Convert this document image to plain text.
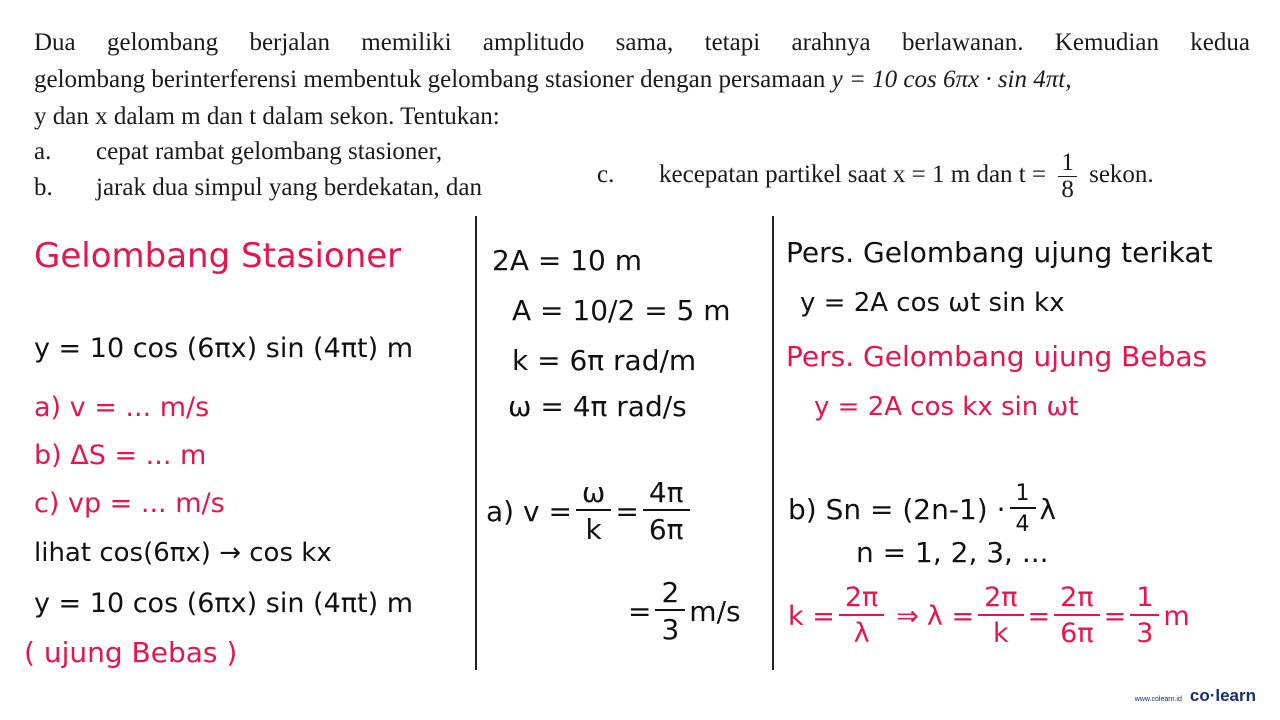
Dua gelombang berjalan memiliki amplitudo sama, tetapi arahnya berlawanan. Kemudian kedua
gelombang berinterferensi membentuk gelombang stasioner dengan persamaan y = 10 cos 6πx · sin 4πt,
y dan x dalam m dan t dalam sekon. Tentukan:
a. cepat rambat gelombang stasioner,
b. jarak dua simpul yang berdekatan, dan	c. kecepatan partikel saat x = 1 m dan $t = \frac{1}{8}$ sekon.
Gelombang Stasioner
y = 10 cos (6πx) sin (4πt) m
a) v = ... m/s
b) ΔS = ... m
c) vp = ... m/s
lihat cos(6πx) → cos kx
y = 10 cos (6πx) sin (4πt) m
( ujung Bebas )
2A = 10 m
A = 10/2 = 5 m
k = 6π rad/m
ω = 4π rad/s
a) $v = \frac{\omega}{k} = \frac{4\pi}{6\pi}$
= $\frac{2}{3} m/s$
Pers. Gelombang ujung terikat
y = 2A cos ωt sin kx
Pers. Gelombang ujung Bebas
y = 2A cos kx sin ωt
b) $Sn = (2n-1) \cdot \frac{1}{4}$ λ
n = 1, 2, 3, ...
$k = \frac{2\pi}{\lambda}$ ⇒ $\lambda = \frac{2\pi}{k} = \frac{2\pi}{6\pi} = \frac{1}{3}$ m
www.colearn.id co·learn
